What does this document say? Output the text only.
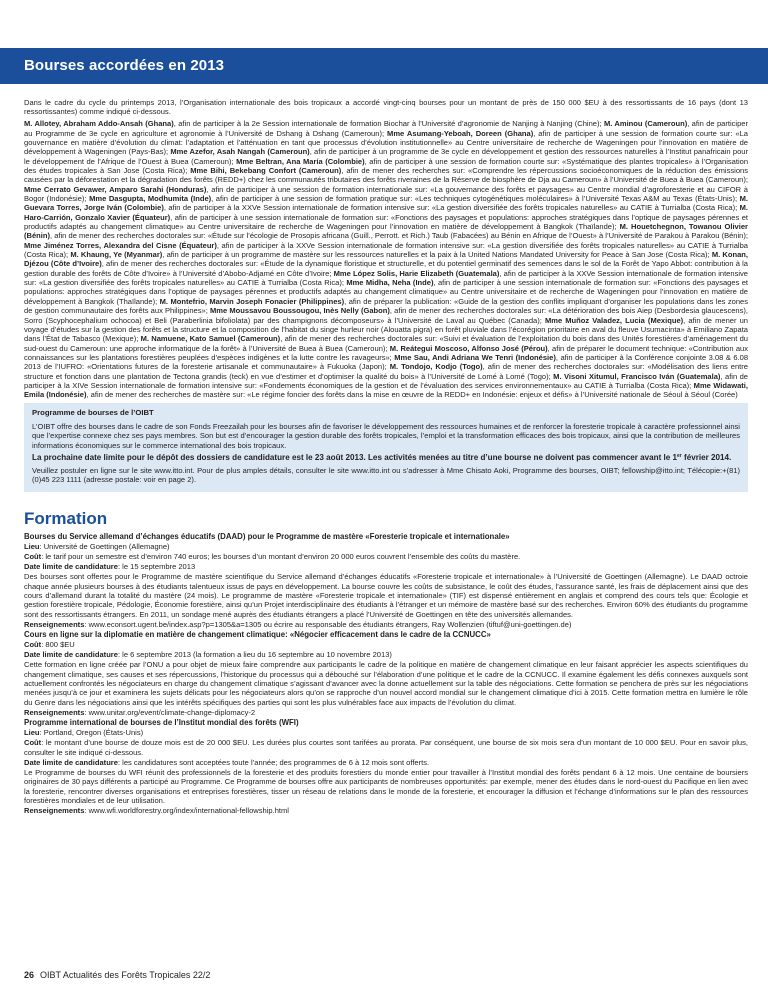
Bourses accordées en 2013

Dans le cadre du cycle du printemps 2013, l’Organisation internationale des bois tropicaux a accordé vingt-cinq bourses pour un montant de près de 150 000 $EU à des ressortissants de 16 pays (dont 13 ressortissantes) comme indiqué ci-dessous.

M. Allotey, Abraham Addo-Ansah (Ghana), afin de participer à la 2e Session internationale de formation Biochar à l’Université d’agronomie de Nanjing à Nanjing (Chine); M. Aminou (Cameroun), afin de participer au Programme de 3e cycle en agriculture et agronomie à l’Université de Dshang à Dshang (Cameroun); Mme Asumang-Yeboah, Doreen (Ghana), afin de participer à une session de formation courte sur: «La gouvernance en matière d’évolution du climat: l’adaptation et l’atténuation en tant que processus d’évolution institutionnelle» au Centre universitaire de recherche de Wageningen pour l’innovation en matière de développement à Wageningen (Pays-Bas); Mme Azefor, Asah Nangah (Cameroun), afin de participer à un programme de 3e cycle en développement et gestion des ressources naturelles à l’Institut panafricain pour le développement de l’Afrique de l’Ouest à Buea (Cameroun); Mme Beltran, Ana María (Colombie), afin de participer à une session de formation courte sur: «Systématique des plantes tropicales» à l’Organisation des études tropicales à San Jose (Costa Rica); Mme Bihi, Bekebang Confort (Cameroun), afin de mener des recherches sur: «Comprendre les répercussions socioéconomiques de la réduction des émissions causées par la déforestation et la dégradation des forêts (REDD+) chez les communautés tributaires des forêts riveraines de la Réserve de biosphère de Dja au Cameroun» à l’Université de Buea à Buea (Cameroun); Mme Cerrato Gevawer, Amparo Sarahi (Honduras), afin de participer à une session de formation internationale sur: «La gouvernance des forêts et paysages» au Centre mondial d’agroforesterie et au CIFOR à Bogor (Indonésie); Mme Dasgupta, Modhumita (Inde), afin de participer à une session de formation pratique sur: «Les techniques cytogénétiques moléculaires» à l’Université Texas A&M au Texas (États-Unis); M. Guevara Torres, Jorge Iván (Colombie), afin de participer à la XXVe Session internationale de formation intensive sur: «La gestion diversifiée des forêts tropicales naturelles» au CATIE à Turrialba (Costa Rica); M. Haro-Carrión, Gonzalo Xavier (Équateur), afin de participer à une session internationale de formation sur: «Fonctions des paysages et populations: approches stratégiques dans l’optique de paysages pérennes et productifs adaptés au changement climatique» au Centre universitaire de recherche de Wageningen pour l’innovation en matière de développement à Bangkok (Thaïlande); M. Houetchegnon, Towanou Olivier (Bénin), afin de mener des recherches doctorales sur: «Étude sur l’écologie de Prosopis africana (Guill., Perrott. et Rich.) Taub (Fabacées) au Bénin en Afrique de l’Ouest» à l’Université de Parakou à Parakou (Bénin); Mme Jiménez Torres, Alexandra del Cisne (Équateur), afin de participer à la XXVe Session internationale de formation intensive sur: «La gestion diversifiée des forêts tropicales naturelles» au CATIE à Turrialba (Costa Rica); M. Khaung, Ye (Myanmar), afin de participer à un programme de mastère sur les ressources naturelles et la paix à la United Nations Mandated University for Peace à San Jose (Costa Rica); M. Konan, Djézou (Côte d’Ivoire), afin de mener des recherches doctorales sur: «Étude de la dynamique floristique et structurelle, et du potentiel germinatif des semences dans le sol de la Forêt de Yapo Abbot: contribution à la gestion durable des forêts de Côte d’Ivoire» à l’Université d’Abobo-Adjamé en Côte d’Ivoire; Mme López Solis, Harie Elizabeth (Guatemala), afin de participer à la XXVe Session internationale de formation intensive sur: «La gestion diversifiée des forêts tropicales naturelles» au CATIE à Turrialba (Costa Rica); Mme Midha, Neha (Inde), afin de participer à une session internationale de formation sur: «Fonctions des paysages et populations: approches stratégiques dans l’optique de paysages pérennes et productifs adaptés au changement climatique» au Centre universitaire et de recherche de Wageningen pour l’innovation en matière de développement à Bangkok (Thaïlande); M. Montefrio, Marvin Joseph Fonacier (Philippines), afin de préparer la publication: «Guide de la gestion des conflits impliquant d’organiser les populations dans les zones de gestion communautaire des forêts aux Philippines»; Mme Moussavou Boussougou, Inès Nelly (Gabon), afin de mener des recherches doctorales sur: «La détérioration des bois Aiep (Desbordesia glaucescens), Sorro (Scyphocephalium ochocoa) et Beli (Paraberlinia bifoliolata) par des champignons décomposeurs» à l’Université de Laval au Québec (Canada); Mme Muñoz Valadez, Lucia (Mexique), afin de mener un voyage d’études sur la gestion des forêts et la structure et la composition de l’habitat du singe hurleur noir (Alouatta pigra) en forêt pluviale dans l’écorégion prioritaire en aval du fleuve Usumacinta» à Emiliano Zapata dans l’État de Tabasco (Mexique); M. Namuene, Kato Samuel (Cameroun), afin de mener des recherches doctorales sur: «Suivi et évaluation de l’exploitation du bois dans des Unités forestières d’aménagement du sud-ouest du Cameroun: une approche informatique de la forêt» à l’Université de Buea à Buea (Cameroun); M. Reátegui Moscoso, Alfonso José (Pérou), afin de préparer le document technique: «Contribution aux connaissances sur les plantations forestières peuplées d’espèces indigènes et la lutte contre les ravageurs»; Mme Sau, Andi Adriana We Tenri (Indonésie), afin de participer à la Conférence conjointe 3.08 & 6.08 2013 de l’IUFRO: «Orientations futures de la foresterie artisanale et communautaire» à Fukuoka (Japon); M. Tondojo, Kodjo (Togo), afin de mener des recherches doctorales sur: «Modélisation des liens entre structure et fonction dans une plantation de Tectona grandis (teck) en vue d’estimer et d’optimiser la qualité du bois» à l’Université de Lomé à Lomé (Togo); M. Visoni Xitumul, Francisco Iván (Guatemala), afin de participer à la XIVe Session internationale de formation intensive sur: «Fondements économiques de la gestion et de l’évaluation des services environnementaux» au CATIE à Turrialba (Costa Rica); Mme Widawati, Emila (Indonésie), afin de mener des recherches de mastère sur: «Le régime foncier des forêts dans la mise en œuvre de la REDD+ en Indonésie: enjeux et défis» à l’Université nationale de Séoul à Séoul (Corée)

Programme de bourses de l’OIBT

L’OIBT offre des bourses dans le cadre de son Fonds Freezailah pour les bourses afin de favoriser le développement des ressources humaines et de renforcer la foresterie tropicale à caractère professionnel ainsi que l’expertise connexe chez ses pays membres. Son but est d’encourager la gestion durable des forêts tropicales, l’emploi et la transformation efficaces des bois tropicaux, ainsi que la contribution de meilleures informations économiques sur le commerce international des bois tropicaux.

La prochaine date limite pour le dépôt des dossiers de candidature est le 23 août 2013. Les activités menées au titre d’une bourse ne doivent pas commencer avant le 1er février 2014.

Veuillez postuler en ligne sur le site www.itto.int. Pour de plus amples détails, consulter le site www.itto.int ou s’adresser à Mme Chisato Aoki, Programme des bourses, OIBT; fellowship@itto.int; Télécopie:+(81) (0)45 223 1111 (adresse postale: voir en page 2).

Formation

Bourses du Service allemand d’échanges éducatifs (DAAD) pour le Programme de mastère «Foresterie tropicale et internationale»

Lieu: Université de Goettingen (Allemagne)

Coût: le tarif pour un semestre est d’environ 740 euros; les bourses d’un montant d’environ 20 000 euros couvrent l’ensemble des coûts du mastère.

Date limite de candidature: le 15 septembre 2013

Des bourses sont offertes pour le Programme de mastère scientifique du Service allemand d’échanges éducatifs «Foresterie tropicale et internationale» à l’Université de Goettingen (Allemagne). Le DAAD octroie chaque année plusieurs bourses à des étudiants talentueux issus de pays en développement. La bourse couvre les coûts de subsistance, le coût des études, l’assurance santé, les frais de déplacement ainsi que des cours d’allemand durant la totalité du mastère (24 mois). Le programme de mastère «Foresterie tropicale et internationale» (TIF) est dispensé entièrement en anglais et comprend des cours tels que: Écologie et gestion forestière tropicale, Pédologie, Économie forestière, ainsi qu’un Projet interdisciplinaire des étudiants à l’étranger et un mémoire de mastère basé sur des recherches. Environ 60% des étudiants du programme sont des ressortissants étrangers. En 2011, un sondage mené auprès des étudiants étrangers a placé l’Université de Goettingen en tête des universités allemandes.

Renseignements: www.econsort.ugent.be/index.asp?p=1305&a=1305 ou écrire au responsable des étudiants étrangers, Ray Wollenzien (tiftuf@uni-goettingen.de)

Cours en ligne sur la diplomatie en matière de changement climatique: «Négocier efficacement dans le cadre de la CCNUCC»

Coût: 800 $EU

Date limite de candidature: le 6 septembre 2013 (la formation a lieu du 16 septembre au 10 novembre 2013)

Cette formation en ligne créée par l’ONU a pour objet de mieux faire comprendre aux participants le cadre de la politique en matière de changement climatique en leur faisant apprécier les aspects scientifiques du changement climatique, ses causes et ses répercussions, l’historique du processus qui a débouché sur l’élaboration d’une politique et le cadre de la CCNUCC. Il examine également les défis connexes auxquels sont actuellement confrontés les négociateurs en charge du changement climatique s’agissant d’avancer avec la donne actuellement sur la table des négociations. Cette formation se penchera de près sur les négociations menées jusqu’à ce jour et examinera les sujets délicats pour les négociateurs alors qu’on se rapproche d’un nouvel accord mondial sur le changement climatique d’ici à 2015. Cette formation mettra en lumière le rôle du Genre dans les négociations ainsi que les intérêts spécifiques des parties qui sont les plus vulnérables face aux impacts de l’évolution du climat.

Renseignements: www.unitar.org/event/climate-change-diplomacy-2

Programme international de bourses de l’Institut mondial des forêts (WFI)

Lieu: Portland, Oregon (États-Unis)

Coût: le montant d’une bourse de douze mois est de 20 000 $EU. Les durées plus courtes sont tarifées au prorata. Par conséquent, une bourse de six mois sera d’un montant de 10 000 $EU. Pour en savoir plus, consulter le site indiqué ci-dessous.

Date limite de candidature: les candidatures sont acceptées toute l’année; des programmes de 6 à 12 mois sont offerts.

Le Programme de bourses du WFI réunit des professionnels de la foresterie et des produits forestiers du monde entier pour travailler à l’Institut mondial des forêts pendant 6 à 12 mois. Une centaine de boursiers originaires de 30 pays différents a participé au Programme. Ce Programme de bourses offre aux participants de nombreuses opportunités: par exemple, mener des études dans le nord-ouest du Pacifique en lien avec la foresterie, rencontrer diverses organisations et entreprises forestières, tisser un réseau de relations dans le monde de la foresterie, et encourager la diffusion et l’échange d’informations sur le plan des ressources forestières mondiales et de leur utilisation.

Renseignements: www.wfi.worldforestry.org/index/international-fellowship.html

26 OIBT Actualités des Forêts Tropicales 22/2
